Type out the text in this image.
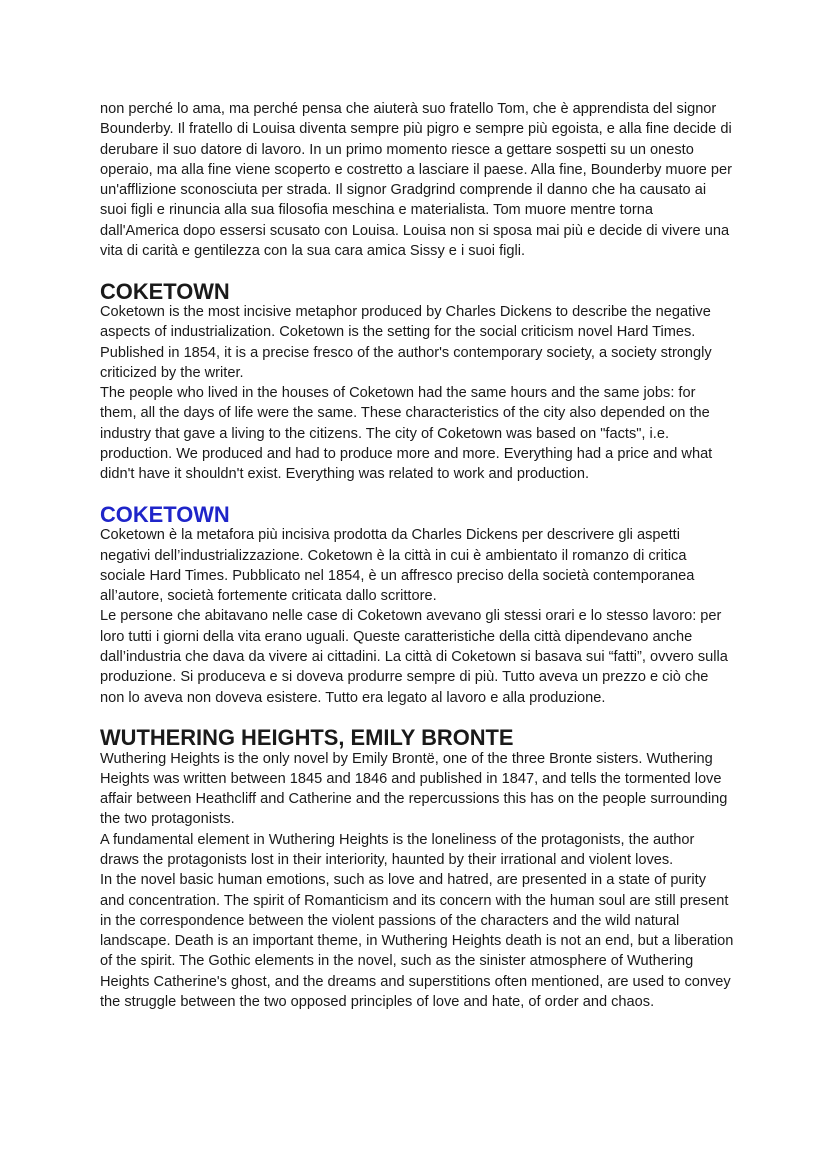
non perché lo ama, ma perché pensa che aiuterà suo fratello Tom, che è apprendista del signor Bounderby. Il fratello di Louisa diventa sempre più pigro e sempre più egoista, e alla fine decide di derubare il suo datore di lavoro. In un primo momento riesce a gettare sospetti su un onesto operaio, ma alla fine viene scoperto e costretto a lasciare il paese. Alla fine, Bounderby muore per un'afflizione sconosciuta per strada. Il signor Gradgrind comprende il danno che ha causato ai suoi figli e rinuncia alla sua filosofia meschina e materialista. Tom muore mentre torna dall'America dopo essersi scusato con Louisa. Louisa non si sposa mai più e decide di vivere una vita di carità e gentilezza con la sua cara amica Sissy e i suoi figli.

COKETOWN

Coketown is the most incisive metaphor produced by Charles Dickens to describe the negative aspects of industrialization. Coketown is the setting for the social criticism novel Hard Times. Published in 1854, it is a precise fresco of the author's contemporary society, a society strongly criticized by the writer.

The people who lived in the houses of Coketown had the same hours and the same jobs: for them, all the days of life were the same. These characteristics of the city also depended on the industry that gave a living to the citizens. The city of Coketown was based on "facts", i.e. production. We produced and had to produce more and more. Everything had a price and what didn't have it shouldn't exist. Everything was related to work and production.

COKETOWN

Coketown è la metafora più incisiva prodotta da Charles Dickens per descrivere gli aspetti negativi dell’industrializzazione. Coketown è la città in cui è ambientato il romanzo di critica sociale Hard Times. Pubblicato nel 1854, è un affresco preciso della società contemporanea all’autore, società fortemente criticata dallo scrittore.

Le persone che abitavano nelle case di Coketown avevano gli stessi orari e lo stesso lavoro: per loro tutti i giorni della vita erano uguali. Queste caratteristiche della città dipendevano anche dall’industria che dava da vivere ai cittadini. La città di Coketown si basava sui “fatti”, ovvero sulla produzione. Si produceva e si doveva produrre sempre di più. Tutto aveva un prezzo e ciò che non lo aveva non doveva esistere. Tutto era legato al lavoro e alla produzione.

WUTHERING HEIGHTS, EMILY BRONTE

Wuthering Heights is the only novel by Emily Brontë, one of the three Bronte sisters. Wuthering Heights was written between 1845 and 1846 and published in 1847, and tells the tormented love affair between Heathcliff and Catherine and the repercussions this has on the people surrounding the two protagonists.

A fundamental element in Wuthering Heights is the loneliness of the protagonists, the author draws the protagonists lost in their interiority, haunted by their irrational and violent loves.

In the novel basic human emotions, such as love and hatred, are presented in a state of purity and concentration. The spirit of Romanticism and its concern with the human soul are still present in the correspondence between the violent passions of the characters and the wild natural landscape. Death is an important theme, in Wuthering Heights death is not an end, but a liberation of the spirit. The Gothic elements in the novel, such as the sinister atmosphere of Wuthering Heights Catherine's ghost, and the dreams and superstitions often mentioned, are used to convey the struggle between the two opposed principles of love and hate, of order and chaos.
